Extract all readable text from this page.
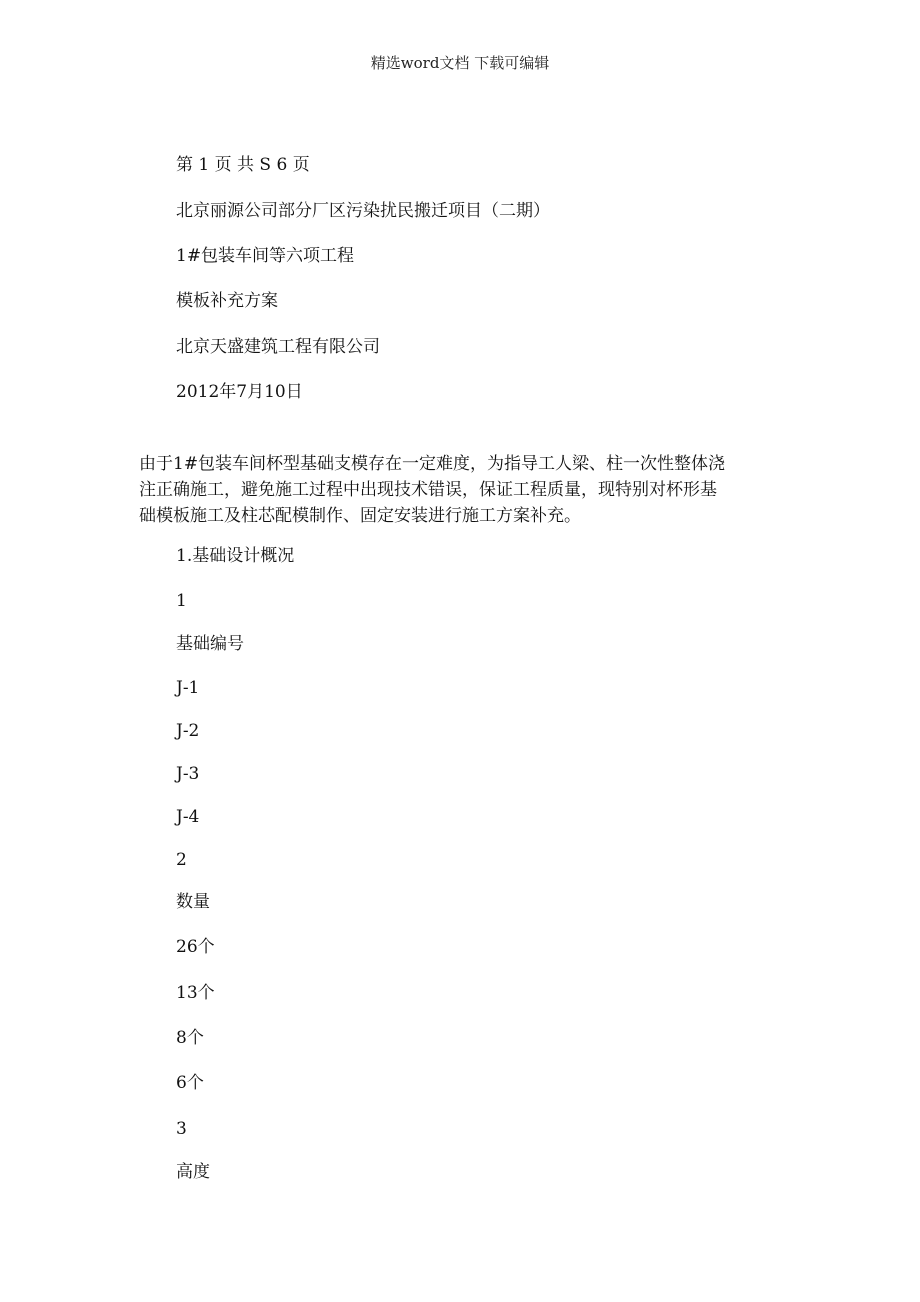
精选word文档 下载可编辑
第 1 页 共 S 6 页
北京丽源公司部分厂区污染扰民搬迁项目（二期）
1#包装车间等六项工程
模板补充方案
北京天盛建筑工程有限公司
2012年7月10日
由于1#包装车间杯型基础支模存在一定难度，为指导工人梁、柱一次性整体浇
注正确施工，避免施工过程中出现技术错误，保证工程质量，现特别对杯形基
础模板施工及柱芯配模制作、固定安装进行施工方案补充。
1.基础设计概况
1
基础编号
J-1
J-2
J-3
J-4
2
数量
26个
13个
8个
6个
3
高度
